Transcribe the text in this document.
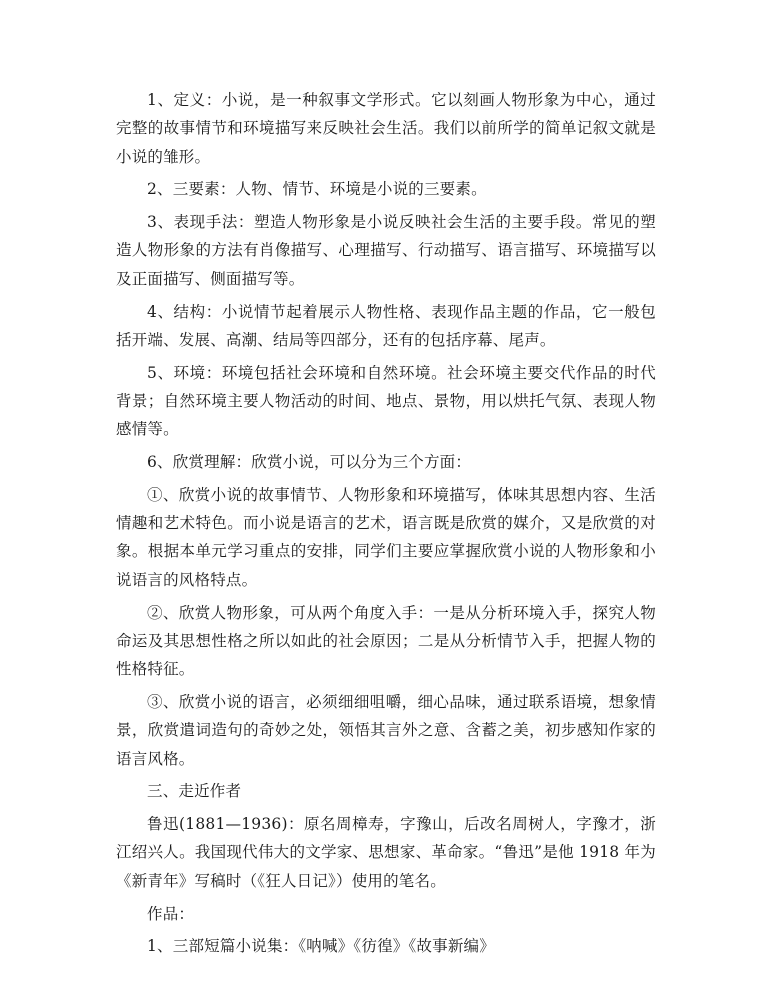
1、定义：小说，是一种叙事文学形式。它以刻画人物形象为中心，通过完整的故事情节和环境描写来反映社会生活。我们以前所学的简单记叙文就是小说的雏形。

2、三要素：人物、情节、环境是小说的三要素。

3、表现手法：塑造人物形象是小说反映社会生活的主要手段。常见的塑造人物形象的方法有肖像描写、心理描写、行动描写、语言描写、环境描写以及正面描写、侧面描写等。

4、结构：小说情节起着展示人物性格、表现作品主题的作品，它一般包括开端、发展、高潮、结局等四部分，还有的包括序幕、尾声。

5、环境：环境包括社会环境和自然环境。社会环境主要交代作品的时代背景；自然环境主要人物活动的时间、地点、景物，用以烘托气氛、表现人物感情等。

6、欣赏理解：欣赏小说，可以分为三个方面：

①、欣赏小说的故事情节、人物形象和环境描写，体味其思想内容、生活情趣和艺术特色。而小说是语言的艺术，语言既是欣赏的媒介，又是欣赏的对象。根据本单元学习重点的安排，同学们主要应掌握欣赏小说的人物形象和小说语言的风格特点。

②、欣赏人物形象，可从两个角度入手：一是从分析环境入手，探究人物命运及其思想性格之所以如此的社会原因；二是从分析情节入手，把握人物的性格特征。

③、欣赏小说的语言，必须细细咀嚼，细心品味，通过联系语境，想象情景，欣赏遣词造句的奇妙之处，领悟其言外之意、含蓄之美，初步感知作家的语言风格。

三、走近作者

鲁迅(1881—1936)：原名周樟寿，字豫山，后改名周树人，字豫才，浙江绍兴人。我国现代伟大的文学家、思想家、革命家。“鲁迅”是他 1918 年为《新青年》写稿时（《狂人日记》）使用的笔名。

作品：

1、三部短篇小说集：《呐喊》《彷徨》《故事新编》
